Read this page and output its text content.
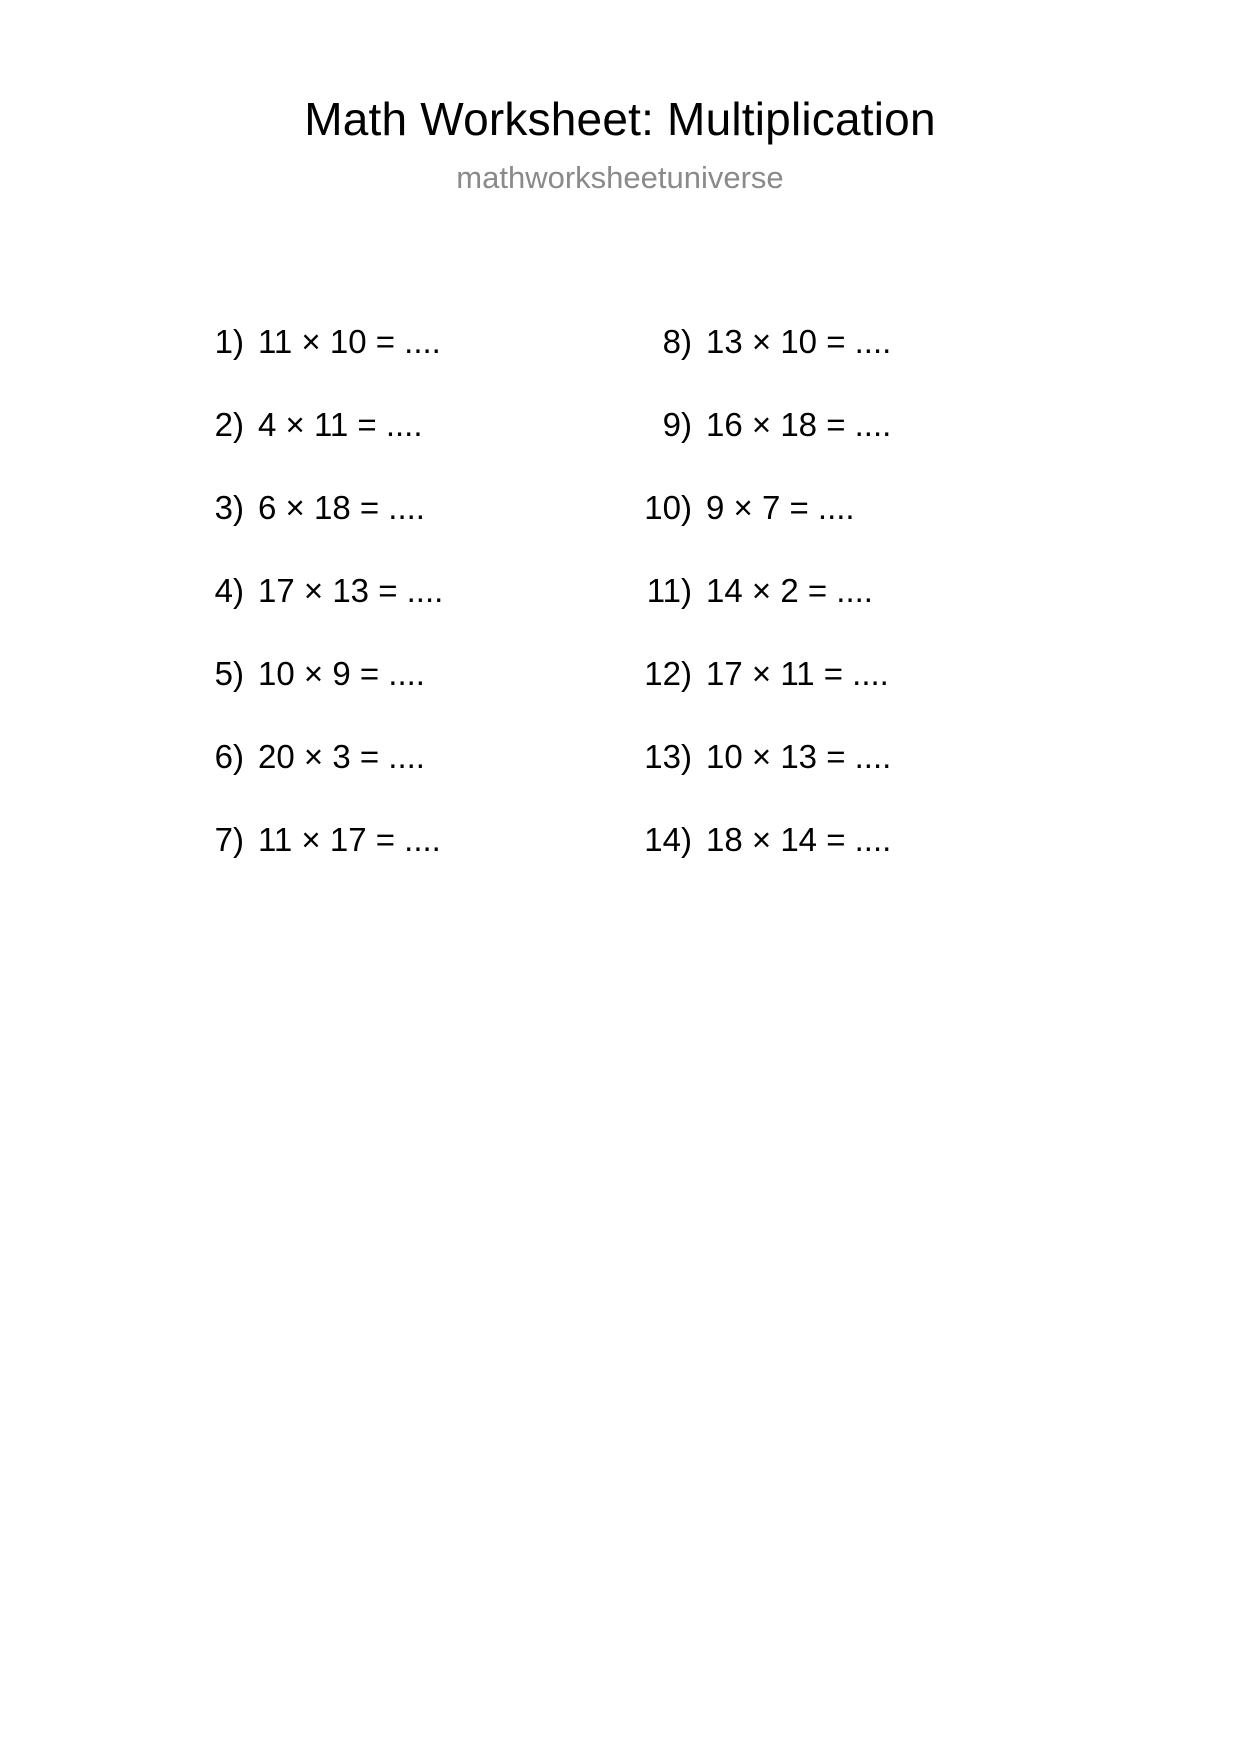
Math Worksheet: Multiplication
mathworksheetuniverse
1) 11 × 10 = ....
2) 4 × 11 = ....
3) 6 × 18 = ....
4) 17 × 13 = ....
5) 10 × 9 = ....
6) 20 × 3 = ....
7) 11 × 17 = ....
8) 13 × 10 = ....
9) 16 × 18 = ....
10) 9 × 7 = ....
11) 14 × 2 = ....
12) 17 × 11 = ....
13) 10 × 13 = ....
14) 18 × 14 = ....
